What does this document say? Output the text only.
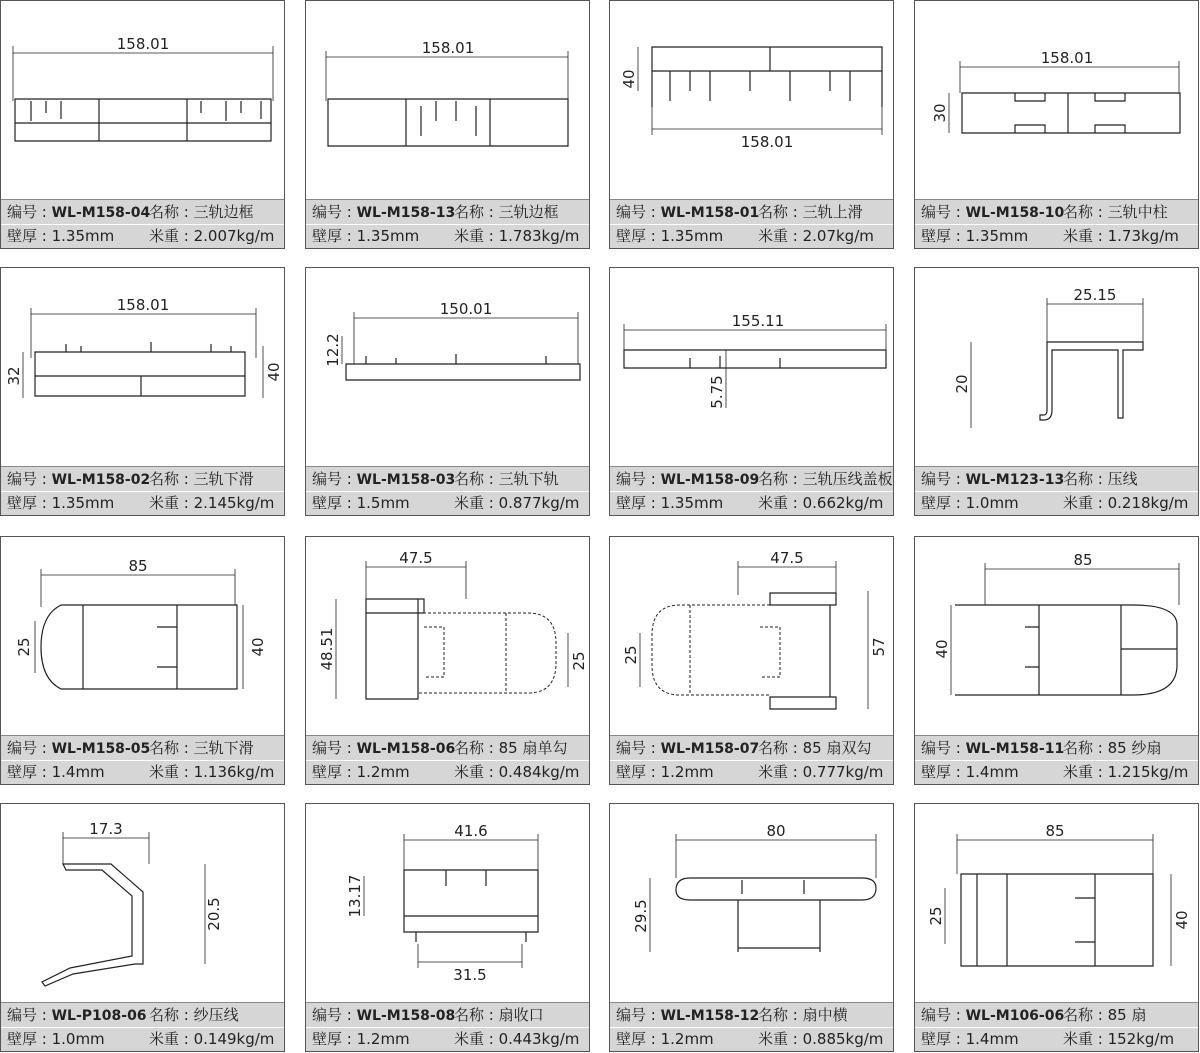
158.01
编号 : WL-M158-04
名称 : 三轨边框
壁厚 : 1.35mm 米重 : 2.007kg/m
158.01
编号 : WL-M158-13
名称 : 三轨边框
壁厚 : 1.35mm 米重 : 1.783kg/m
40
158.01
编号 : WL-M158-01
名称 : 三轨上滑
壁厚 : 1.35mm 米重 : 2.07kg/m
158.01
30
编号 : WL-M158-10
名称 : 三轨中柱
壁厚 : 1.35mm 米重 : 1.73kg/m
158.01
32	40
编号 : WL-M158-02
名称 : 三轨下滑
壁厚 : 1.35mm 米重 : 2.145kg/m
150.01
12.2
编号 : WL-M158-03
名称 : 三轨下轨
壁厚 : 1.5mm	米重 : 0.877kg/m
155.11
5.75
编号 : WL-M158-09
名称 : 三轨压线盖板
壁厚 : 1.35mm 米重 : 0.662kg/m
25.15
20
编号 : WL-M123-13
名称 : 压线
壁厚 : 1.0mm	米重 : 0.218kg/m
85
25	40
编号 : WL-M158-05
名称 : 三轨下滑
壁厚 : 1.4mm	米重 : 1.136kg/m
47.5
48.51	25
编号 : WL-M158-06
名称 : 85 扇单勾
壁厚 : 1.2mm	米重 : 0.484kg/m
47.5
25	57
编号 : WL-M158-07
名称 : 85 扇双勾
壁厚 : 1.2mm	米重 : 0.777kg/m
85
40
编号 : WL-M158-11
名称 : 85 纱扇
壁厚 : 1.4mm	米重 : 1.215kg/m
17.3
20.5
编号 : WL-P108-06 名称 : 纱压线
壁厚 : 1.0mm	米重 : 0.149kg/m
41.6
13.17
31.5
编号 : WL-M158-08
名称 : 扇收口
壁厚 : 1.2mm	米重 : 0.443kg/m
80
29.5
编号 : WL-M158-12
名称 : 扇中横
壁厚 : 1.2mm	米重 : 0.885kg/m
85
25	40
编号 : WL-M106-06
名称 : 85 扇
壁厚 : 1.4mm	米重 : 152kg/m
